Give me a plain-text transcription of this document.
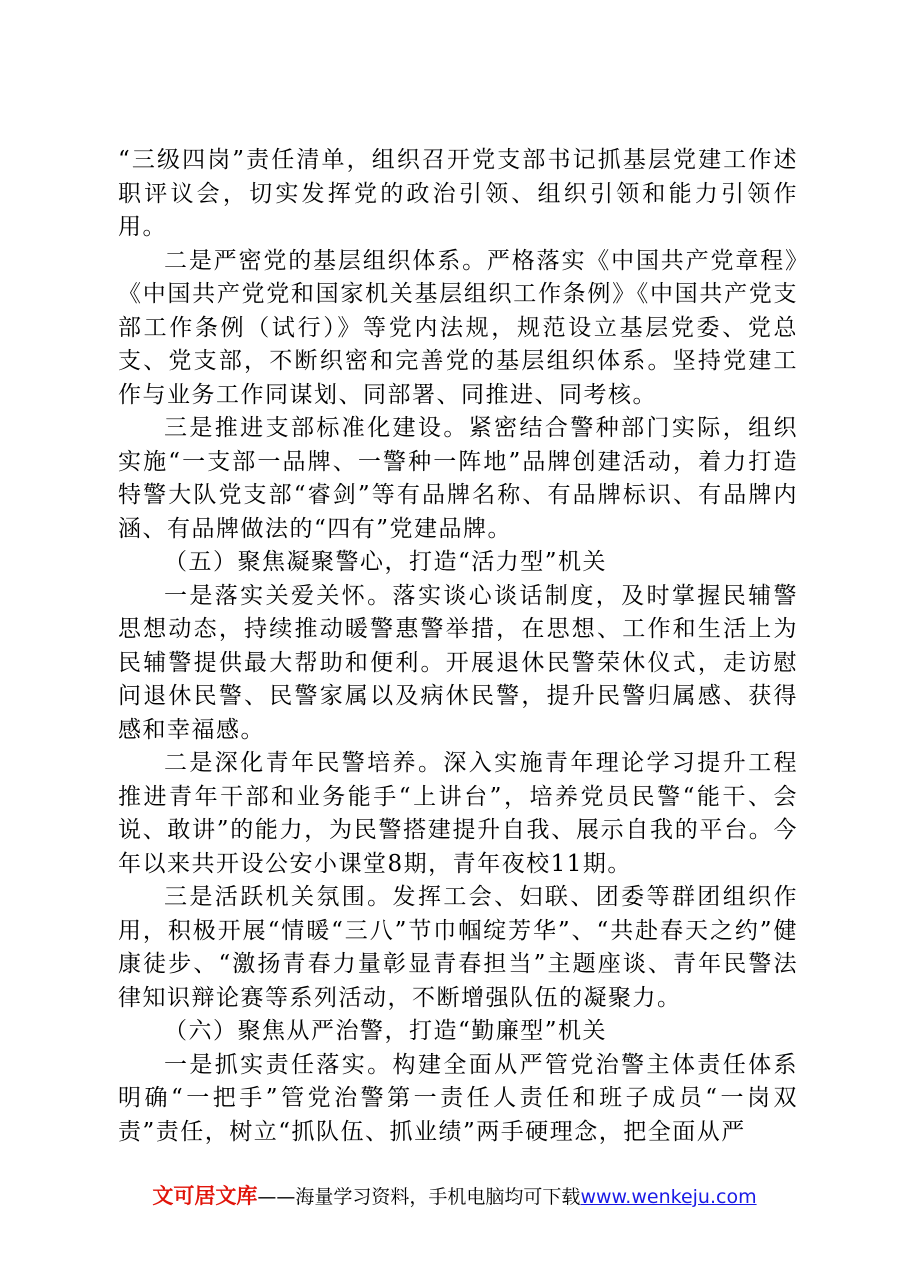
“三级四岗”责任清单，组织召开党支部书记抓基层党建工作述职评议会，切实发挥党的政治引领、组织引领和能力引领作用。

二是严密党的基层组织体系。严格落实《中国共产党章程》《中国共产党党和国家机关基层组织工作条例》《中国共产党支部工作条例（试行）》等党内法规，规范设立基层党委、党总支、党支部，不断织密和完善党的基层组织体系。坚持党建工作与业务工作同谋划、同部署、同推进、同考核。

三是推进支部标准化建设。紧密结合警种部门实际，组织实施“一支部一品牌、一警种一阵地”品牌创建活动，着力打造特警大队党支部“睿剑”等有品牌名称、有品牌标识、有品牌内涵、有品牌做法的“四有”党建品牌。

（五）聚焦凝聚警心，打造“活力型”机关

一是落实关爱关怀。落实谈心谈话制度，及时掌握民辅警思想动态，持续推动暖警惠警举措，在思想、工作和生活上为民辅警提供最大帮助和便利。开展退休民警荣休仪式，走访慰问退休民警、民警家属以及病休民警，提升民警归属感、获得感和幸福感。

二是深化青年民警培养。深入实施青年理论学习提升工程推进青年干部和业务能手“上讲台”，培养党员民警“能干、会说、敢讲”的能力，为民警搭建提升自我、展示自我的平台。今年以来共开设公安小课堂8期，青年夜校11期。

三是活跃机关氛围。发挥工会、妇联、团委等群团组织作用，积极开展“情暖“三八”节巾帼绽芳华”、“共赴春天之约”健康徒步、“激扬青春力量彰显青春担当”主题座谈、青年民警法律知识辩论赛等系列活动，不断增强队伍的凝聚力。

（六）聚焦从严治警，打造“勤廉型”机关

一是抓实责任落实。构建全面从严管党治警主体责任体系明确“一把手”管党治警第一责任人责任和班子成员“一岗双责”责任，树立“抓队伍、抓业绩”两手硬理念，把全面从严

文可居文库——海量学习资料，手机电脑均可下载www.wenkeju.com
